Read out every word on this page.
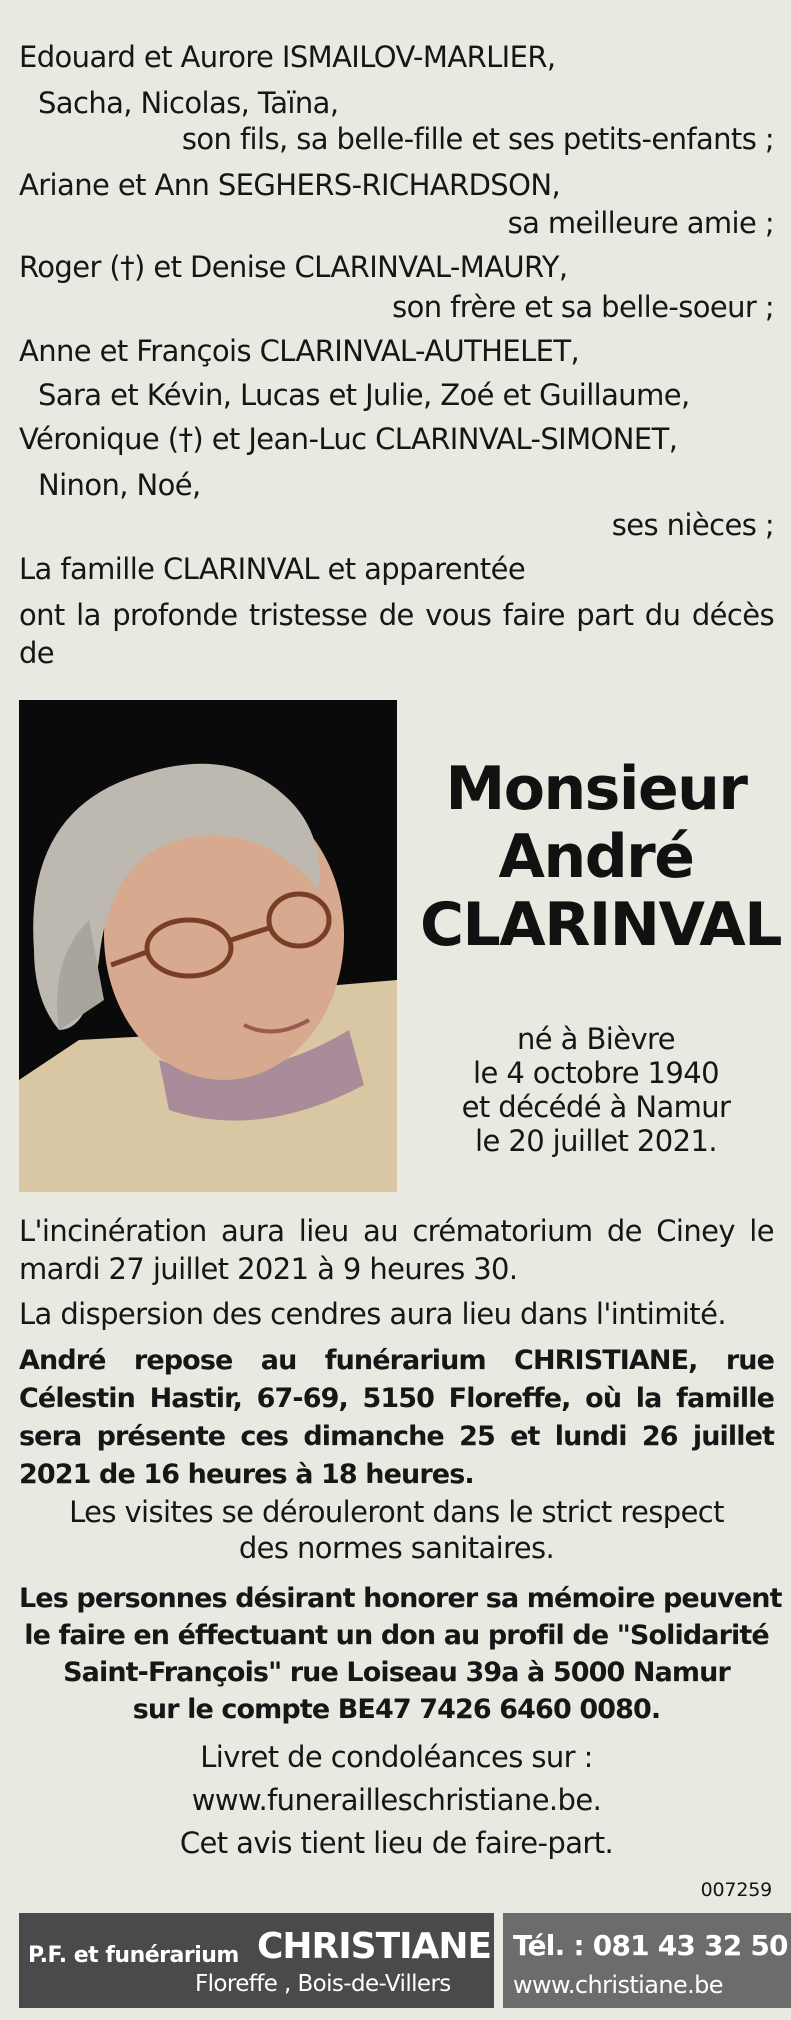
Edouard et Aurore ISMAILOV-MARLIER,
Sacha, Nicolas, Taïna,
son fils, sa belle-fille et ses petits-enfants ;
Ariane et Ann SEGHERS-RICHARDSON,
sa meilleure amie ;
Roger (†) et Denise CLARINVAL-MAURY,
son frère et sa belle-soeur ;
Anne et François CLARINVAL-AUTHELET,
Sara et Kévin, Lucas et Julie, Zoé et Guillaume,
Véronique (†) et Jean-Luc CLARINVAL-SIMONET,
Ninon, Noé,
ses nièces ;
La famille CLARINVAL et apparentée
ont la profonde tristesse de vous faire part du décès de
Monsieur
André
CLARINVAL
né à Bièvre
le 4 octobre 1940
et décédé à Namur
le 20 juillet 2021.
L'incinération aura lieu au crématorium de Ciney le mardi 27 juillet 2021 à 9 heures 30.
La dispersion des cendres aura lieu dans l'intimité.
André repose au funérarium CHRISTIANE, rue Célestin Hastir, 67-69, 5150 Floreffe, où la famille sera présente ces dimanche 25 et lundi 26 juillet 2021 de 16 heures à 18 heures.
Les visites se dérouleront dans le strict respect
des normes sanitaires.
Les personnes désirant honorer sa mémoire peuvent
le faire en éffectuant un don au profil de "Solidarité
Saint-François" rue Loiseau 39a à 5000 Namur
sur le compte BE47 7426 6460 0080.
Livret de condoléances sur :
www.funerailleschristiane.be.
Cet avis tient lieu de faire-part.
007259
P.F. et funérarium CHRISTIANE
Floreffe , Bois-de-Villers
Tél. : 081 43 32 50
www.christiane.be
